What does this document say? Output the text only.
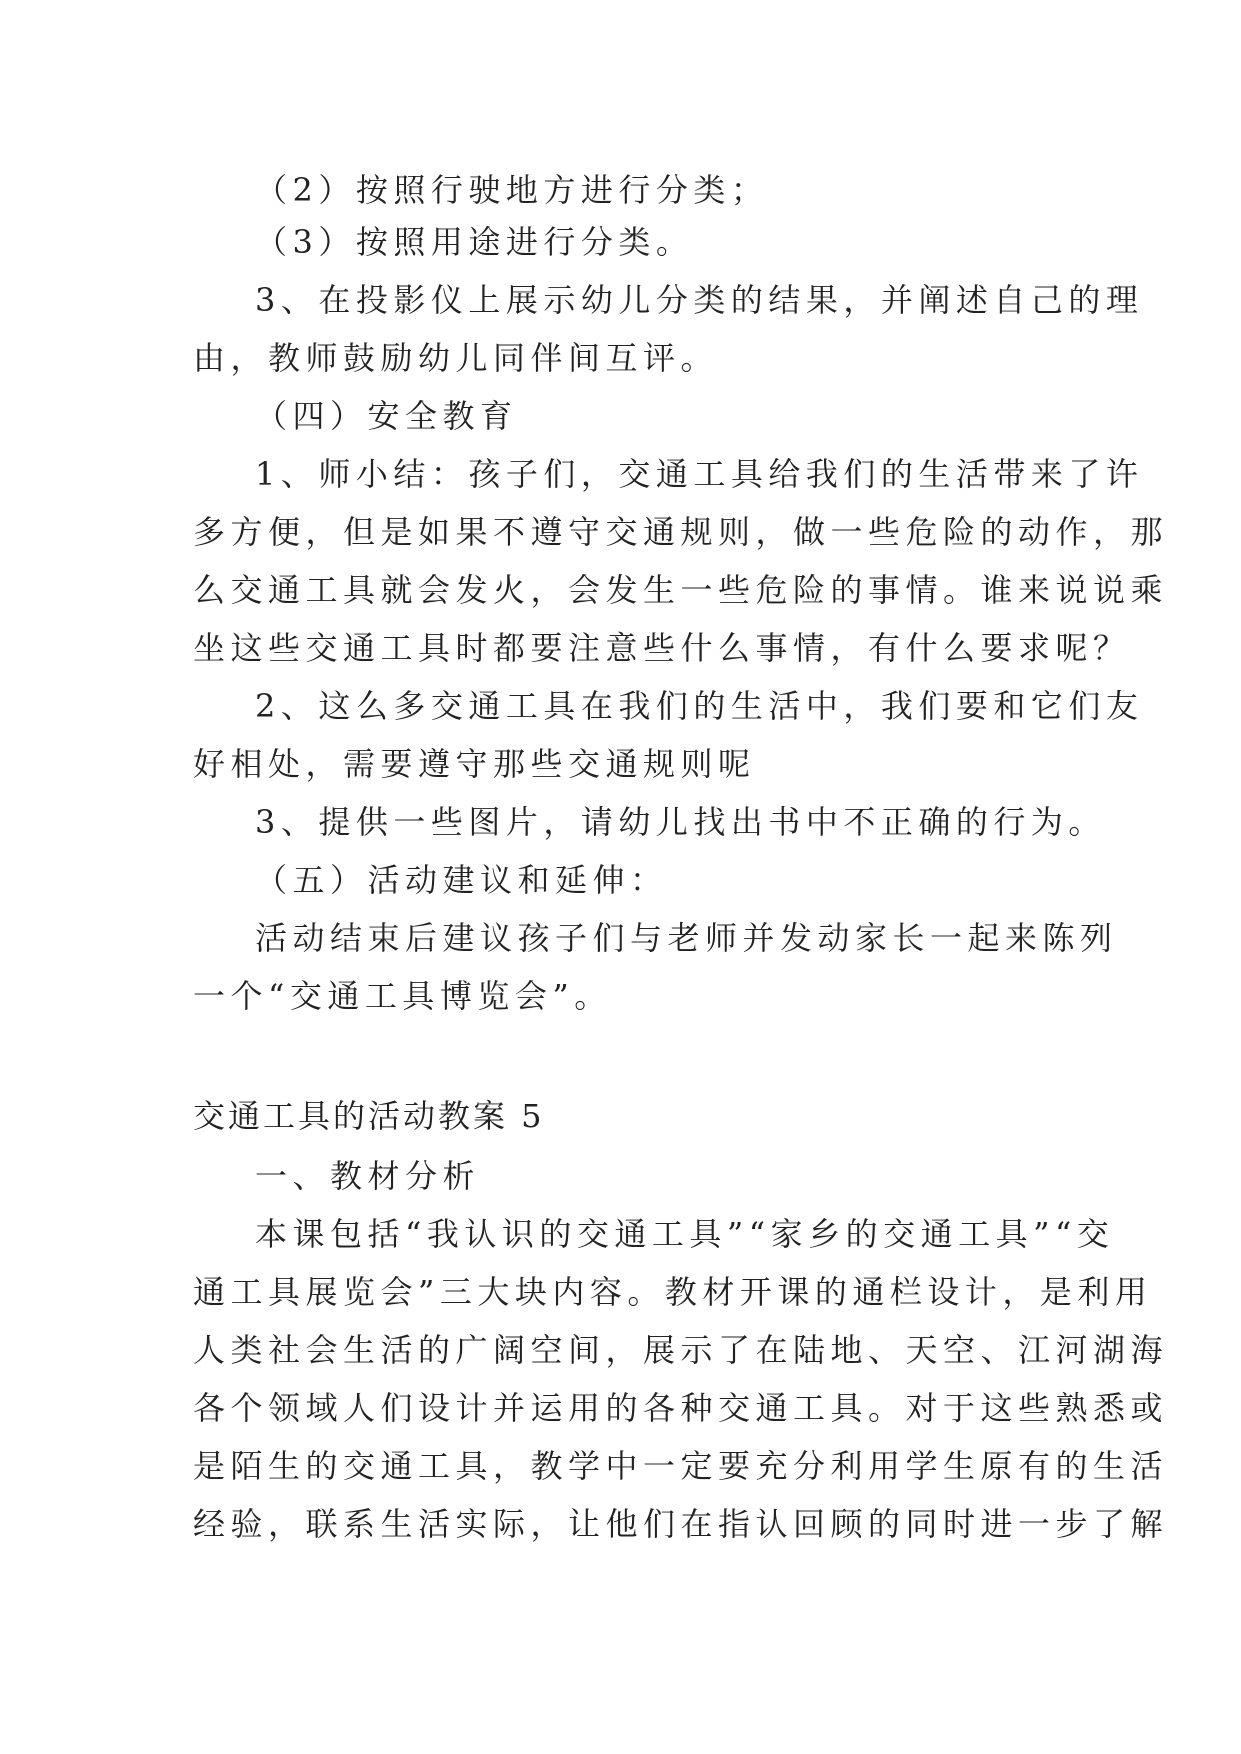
（2）按照行驶地方进行分类；
（3）按照用途进行分类。
3、在投影仪上展示幼儿分类的结果，并阐述自己的理
由，教师鼓励幼儿同伴间互评。
（四）安全教育
1、师小结：孩子们，交通工具给我们的生活带来了许
多方便，但是如果不遵守交通规则，做一些危险的动作，那
么交通工具就会发火，会发生一些危险的事情。谁来说说乘
坐这些交通工具时都要注意些什么事情，有什么要求呢？
2、这么多交通工具在我们的生活中，我们要和它们友
好相处，需要遵守那些交通规则呢
3、提供一些图片，请幼儿找出书中不正确的行为。
（五）活动建议和延伸：
活动结束后建议孩子们与老师并发动家长一起来陈列
一个“交通工具博览会”。
交通工具的活动教案 5
一、教材分析
本课包括“我认识的交通工具”“家乡的交通工具”“交
通工具展览会”三大块内容。教材开课的通栏设计，是利用
人类社会生活的广阔空间，展示了在陆地、天空、江河湖海
各个领域人们设计并运用的各种交通工具。对于这些熟悉或
是陌生的交通工具，教学中一定要充分利用学生原有的生活
经验，联系生活实际，让他们在指认回顾的同时进一步了解
